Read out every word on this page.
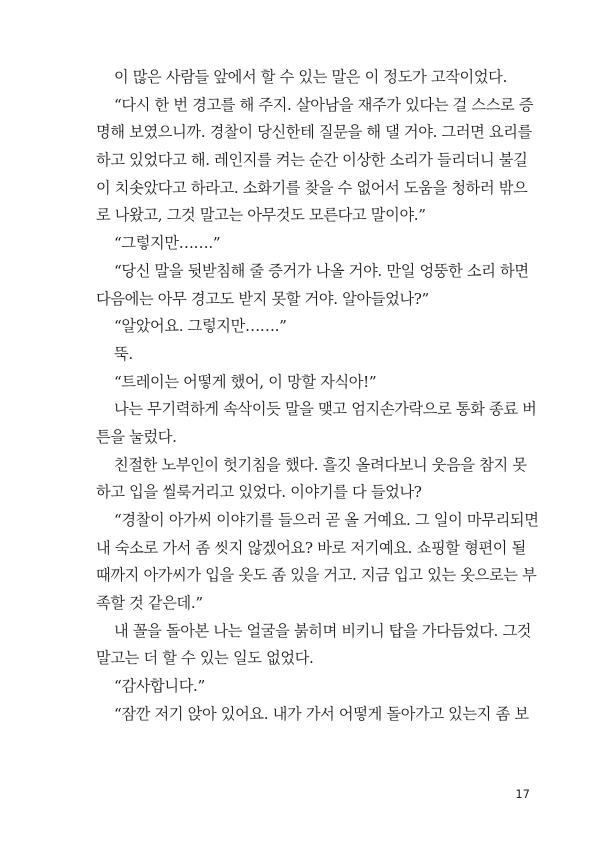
이 많은 사람들 앞에서 할 수 있는 말은 이 정도가 고작이었다.
“다시 한 번 경고를 해 주지. 살아남을 재주가 있다는 걸 스스로 증
명해 보였으니까. 경찰이 당신한테 질문을 해 댈 거야. 그러면 요리를
하고 있었다고 해. 레인지를 켜는 순간 이상한 소리가 들리더니 불길
이 치솟았다고 하라고. 소화기를 찾을 수 없어서 도움을 청하러 밖으
로 나왔고, 그것 말고는 아무것도 모른다고 말이야.”
“그렇지만…….”
“당신 말을 뒷받침해 줄 증거가 나올 거야. 만일 엉뚱한 소리 하면
다음에는 아무 경고도 받지 못할 거야. 알아들었나?”
“알았어요. 그렇지만…….”
뚝.
“트레이는 어떻게 했어, 이 망할 자식아!”
나는 무기력하게 속삭이듯 말을 맺고 엄지손가락으로 통화 종료 버
튼을 눌렀다.
친절한 노부인이 헛기침을 했다. 흘깃 올려다보니 웃음을 참지 못
하고 입을 씰룩거리고 있었다. 이야기를 다 들었나?
“경찰이 아가씨 이야기를 들으러 곧 올 거예요. 그 일이 마무리되면
내 숙소로 가서 좀 씻지 않겠어요? 바로 저기예요. 쇼핑할 형편이 될
때까지 아가씨가 입을 옷도 좀 있을 거고. 지금 입고 있는 옷으로는 부
족할 것 같은데.”
내 꼴을 돌아본 나는 얼굴을 붉히며 비키니 탑을 가다듬었다. 그것
말고는 더 할 수 있는 일도 없었다.
“감사합니다.”
“잠깐 저기 앉아 있어요. 내가 가서 어떻게 돌아가고 있는지 좀 보
17
